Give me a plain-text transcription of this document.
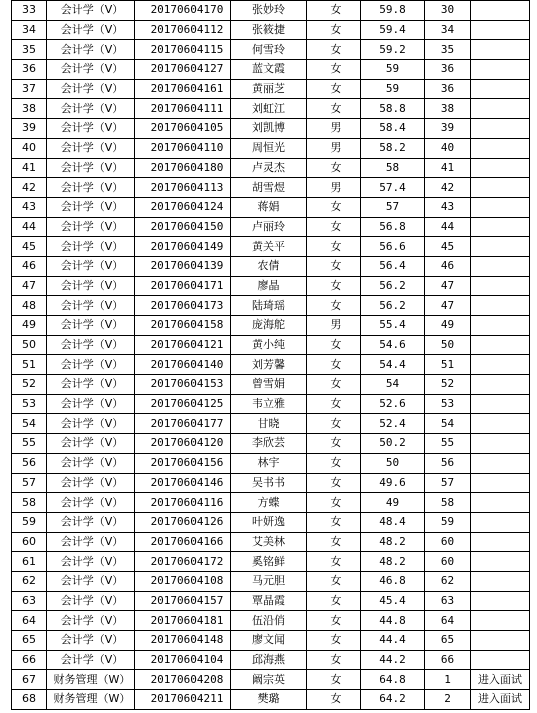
33	会计学（V）	20170604170	张妙玲	女	59.8	30	
34	会计学（V）	20170604112	张筱捷	女	59.4	34	
35	会计学（V）	20170604115	何雪玲	女	59.2	35	
36	会计学（V）	20170604127	蓝文霞	女	59	36	
37	会计学（V）	20170604161	黄丽芝	女	59	36	
38	会计学（V）	20170604111	刘虹江	女	58.8	38	
39	会计学（V）	20170604105	刘凯博	男	58.4	39	
40	会计学（V）	20170604110	周恒光	男	58.2	40	
41	会计学（V）	20170604180	卢灵杰	女	58	41	
42	会计学（V）	20170604113	胡雪煜	男	57.4	42	
43	会计学（V）	20170604124	蒋娟	女	57	43	
44	会计学（V）	20170604150	卢丽玲	女	56.8	44	
45	会计学（V）	20170604149	黄关平	女	56.6	45	
46	会计学（V）	20170604139	农倩	女	56.4	46	
47	会计学（V）	20170604171	廖晶	女	56.2	47	
48	会计学（V）	20170604173	陆琦瑶	女	56.2	47	
49	会计学（V）	20170604158	庞海舵	男	55.4	49	
50	会计学（V）	20170604121	黄小纯	女	54.6	50	
51	会计学（V）	20170604140	刘芳馨	女	54.4	51	
52	会计学（V）	20170604153	曾雪娟	女	54	52	
53	会计学（V）	20170604125	韦立雅	女	52.6	53	
54	会计学（V）	20170604177	甘晓	女	52.4	54	
55	会计学（V）	20170604120	李欣芸	女	50.2	55	
56	会计学（V）	20170604156	林宇	女	50	56	
57	会计学（V）	20170604146	吴书书	女	49.6	57	
58	会计学（V）	20170604116	方蝶	女	49	58	
59	会计学（V）	20170604126	叶妍逸	女	48.4	59	
60	会计学（V）	20170604166	艾美林	女	48.2	60	
61	会计学（V）	20170604172	奚铭鲜	女	48.2	60	
62	会计学（V）	20170604108	马元胆	女	46.8	62	
63	会计学（V）	20170604157	覃晶霞	女	45.4	63	
64	会计学（V）	20170604181	伍沿俏	女	44.8	64	
65	会计学（V）	20170604148	廖文闻	女	44.4	65	
66	会计学（V）	20170604104	邱海燕	女	44.2	66	
67	财务管理（W）	20170604208	阚宗英	女	64.8	1	进入面试
68	财务管理（W）	20170604211	樊璐	女	64.2	2	进入面试
